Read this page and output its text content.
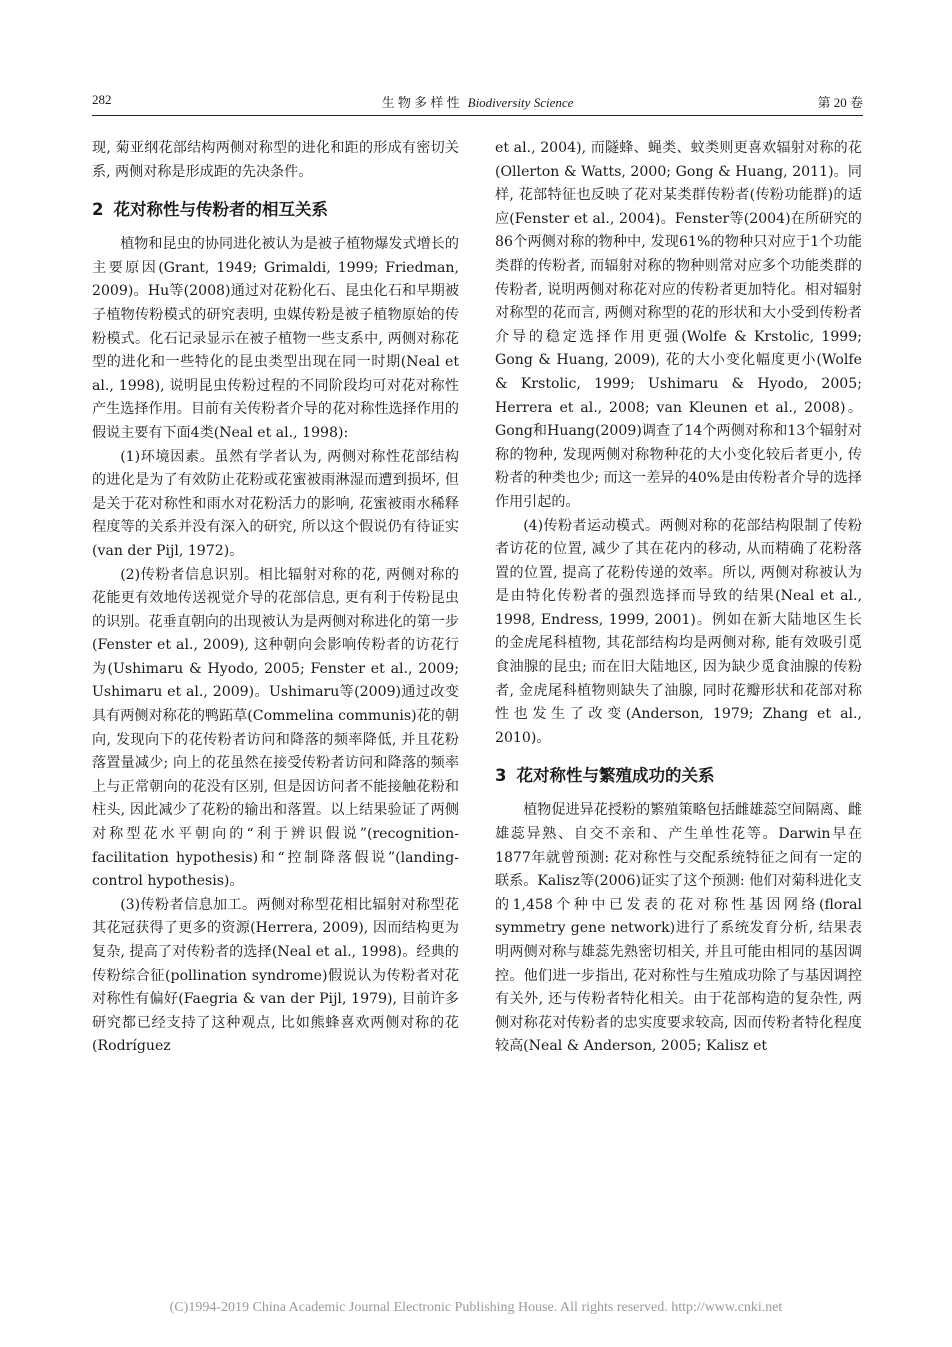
282	生 物 多 样 性 Biodiversity Science	第 20 卷

现, 菊亚纲花部结构两侧对称型的进化和距的形成有密切关系, 两侧对称是形成距的先决条件。

2 花对称性与传粉者的相互关系

植物和昆虫的协同进化被认为是被子植物爆发式增长的主要原因(Grant, 1949; Grimaldi, 1999; Friedman, 2009)。Hu等(2008)通过对花粉化石、昆虫化石和早期被子植物传粉模式的研究表明, 虫媒传粉是被子植物原始的传粉模式。化石记录显示在被子植物一些支系中, 两侧对称花型的进化和一些特化的昆虫类型出现在同一时期(Neal et al., 1998), 说明昆虫传粉过程的不同阶段均可对花对称性产生选择作用。目前有关传粉者介导的花对称性选择作用的假说主要有下面4类(Neal et al., 1998):

(1)环境因素。虽然有学者认为, 两侧对称性花部结构的进化是为了有效防止花粉或花蜜被雨淋湿而遭到损坏, 但是关于花对称性和雨水对花粉活力的影响, 花蜜被雨水稀释程度等的关系并没有深入的研究, 所以这个假说仍有待证实(van der Pijl, 1972)。

(2)传粉者信息识别。相比辐射对称的花, 两侧对称的花能更有效地传送视觉介导的花部信息, 更有利于传粉昆虫的识别。花垂直朝向的出现被认为是两侧对称进化的第一步(Fenster et al., 2009), 这种朝向会影响传粉者的访花行为(Ushimaru & Hyodo, 2005; Fenster et al., 2009; Ushimaru et al., 2009)。Ushimaru等(2009)通过改变具有两侧对称花的鸭跖草(Commelina communis)花的朝向, 发现向下的花传粉者访问和降落的频率降低, 并且花粉落置量减少; 向上的花虽然在接受传粉者访问和降落的频率上与正常朝向的花没有区别, 但是因访问者不能接触花粉和柱头, 因此减少了花粉的输出和落置。以上结果验证了两侧对称型花水平朝向的“利于辨识假说”(recognition-facilitation hypothesis)和“控制降落假说”(landing-control hypothesis)。

(3)传粉者信息加工。两侧对称型花相比辐射对称型花其花冠获得了更多的资源(Herrera, 2009), 因而结构更为复杂, 提高了对传粉者的选择(Neal et al., 1998)。经典的传粉综合征(pollination syndrome)假说认为传粉者对花对称性有偏好(Faegria & van der Pijl, 1979), 目前许多研究都已经支持了这种观点, 比如熊蜂喜欢两侧对称的花(Rodríguez

et al., 2004), 而隧蜂、蝇类、蚊类则更喜欢辐射对称的花(Ollerton & Watts, 2000; Gong & Huang, 2011)。同样, 花部特征也反映了花对某类群传粉者(传粉功能群)的适应(Fenster et al., 2004)。Fenster等(2004)在所研究的86个两侧对称的物种中, 发现61%的物种只对应于1个功能类群的传粉者, 而辐射对称的物种则常对应多个功能类群的传粉者, 说明两侧对称花对应的传粉者更加特化。相对辐射对称型的花而言, 两侧对称型的花的形状和大小受到传粉者介导的稳定选择作用更强(Wolfe & Krstolic, 1999; Gong & Huang, 2009), 花的大小变化幅度更小(Wolfe & Krstolic, 1999; Ushimaru & Hyodo, 2005; Herrera et al., 2008; van Kleunen et al., 2008)。Gong和Huang(2009)调查了14个两侧对称和13个辐射对称的物种, 发现两侧对称物种花的大小变化较后者更小, 传粉者的种类也少; 而这一差异的40%是由传粉者介导的选择作用引起的。

(4)传粉者运动模式。两侧对称的花部结构限制了传粉者访花的位置, 减少了其在花内的移动, 从而精确了花粉落置的位置, 提高了花粉传递的效率。所以, 两侧对称被认为是由特化传粉者的强烈选择而导致的结果(Neal et al., 1998, Endress, 1999, 2001)。例如在新大陆地区生长的金虎尾科植物, 其花部结构均是两侧对称, 能有效吸引觅食油腺的昆虫; 而在旧大陆地区, 因为缺少觅食油腺的传粉者, 金虎尾科植物则缺失了油腺, 同时花瓣形状和花部对称性也发生了改变(Anderson, 1979; Zhang et al., 2010)。

3 花对称性与繁殖成功的关系

植物促进异花授粉的繁殖策略包括雌雄蕊空间隔离、雌雄蕊异熟、自交不亲和、产生单性花等。Darwin早在1877年就曾预测: 花对称性与交配系统特征之间有一定的联系。Kalisz等(2006)证实了这个预测: 他们对菊科进化支的1,458个种中已发表的花对称性基因网络(floral symmetry gene network)进行了系统发育分析, 结果表明两侧对称与雄蕊先熟密切相关, 并且可能由相同的基因调控。他们进一步指出, 花对称性与生殖成功除了与基因调控有关外, 还与传粉者特化相关。由于花部构造的复杂性, 两侧对称花对传粉者的忠实度要求较高, 因而传粉者特化程度较高(Neal & Anderson, 2005; Kalisz et

(C)1994-2019 China Academic Journal Electronic Publishing House. All rights reserved. http://www.cnki.net
